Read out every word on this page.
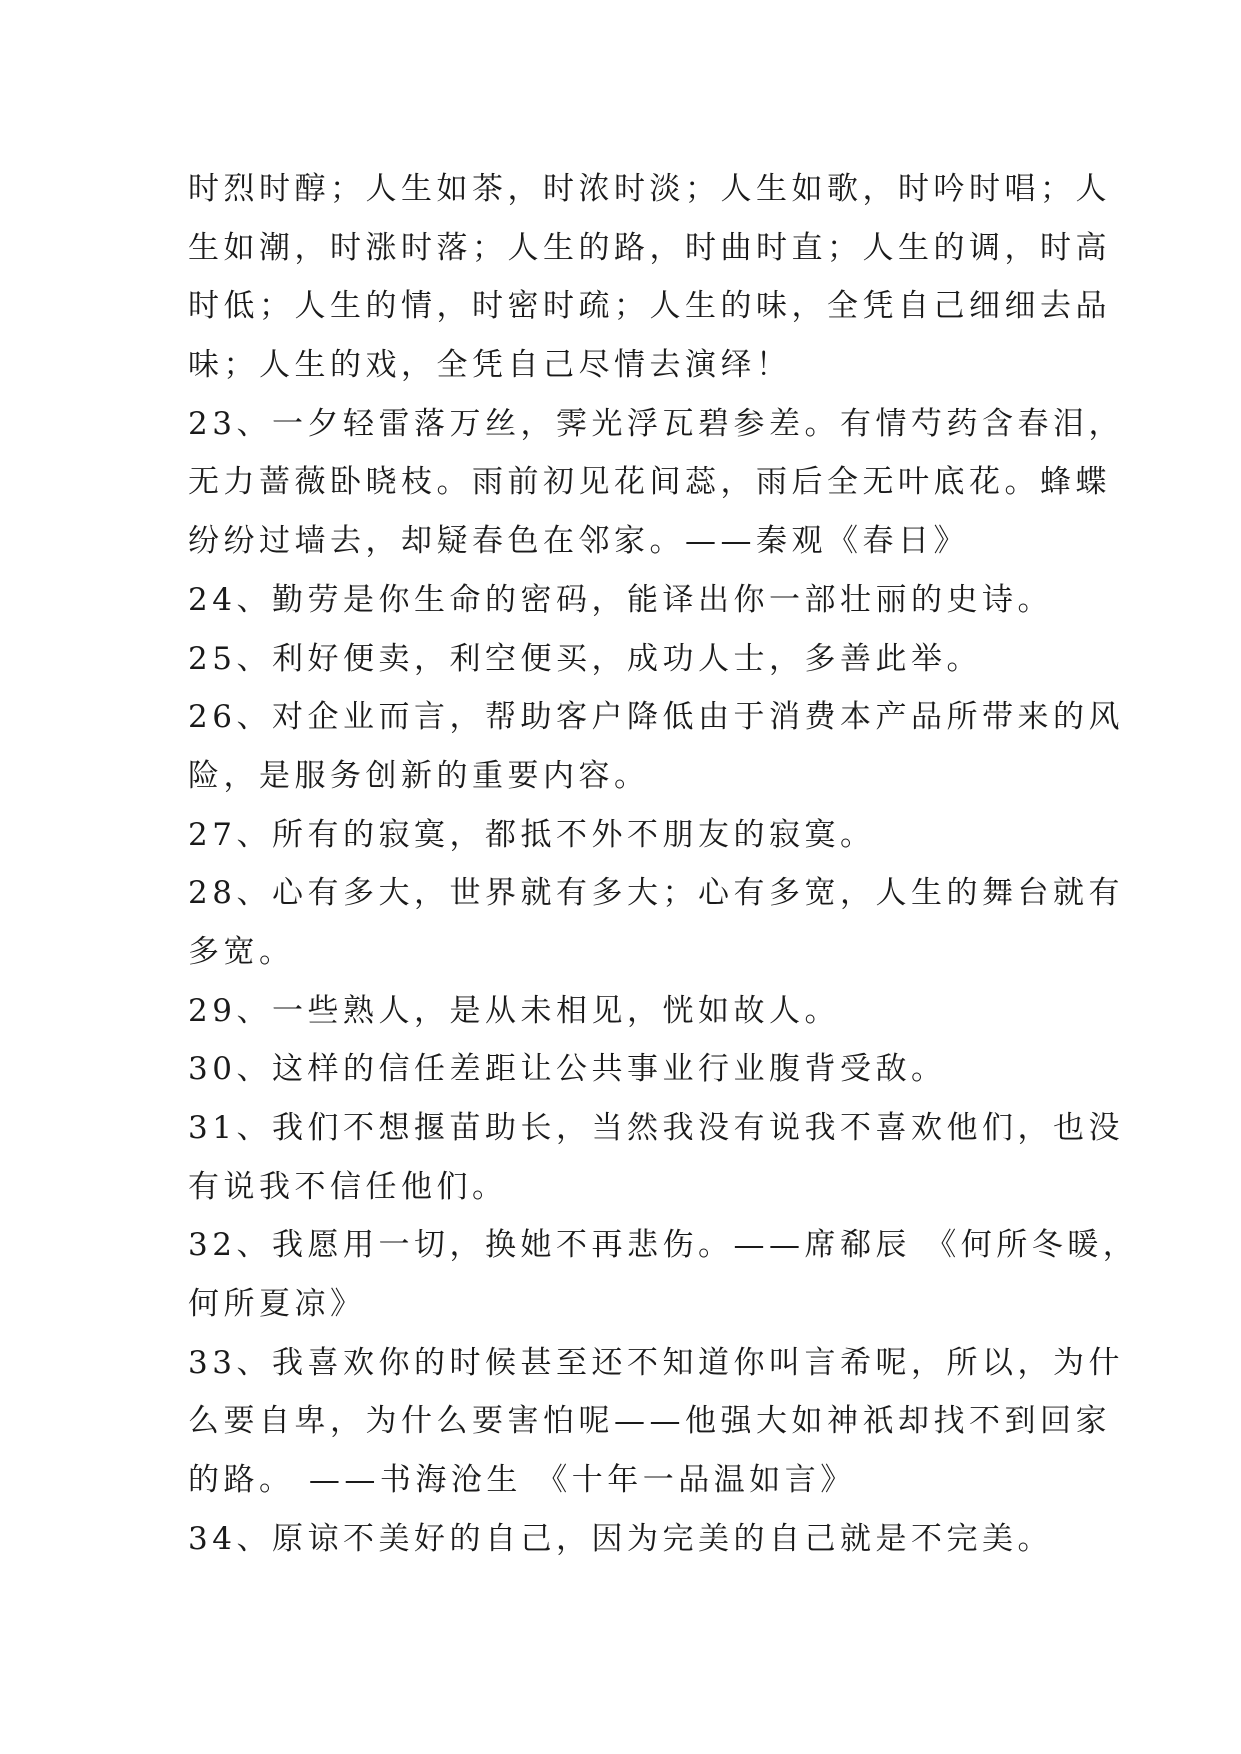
时烈时醇；人生如茶，时浓时淡；人生如歌，时吟时唱；人
生如潮，时涨时落；人生的路，时曲时直；人生的调，时高
时低；人生的情，时密时疏；人生的味，全凭自己细细去品
味；人生的戏，全凭自己尽情去演绎！
23、一夕轻雷落万丝，霁光浮瓦碧参差。有情芍药含春泪，
无力蔷薇卧晓枝。雨前初见花间蕊，雨后全无叶底花。蜂蝶
纷纷过墙去，却疑春色在邻家。——秦观《春日》
24、勤劳是你生命的密码，能译出你一部壮丽的史诗。
25、利好便卖，利空便买，成功人士，多善此举。
26、对企业而言，帮助客户降低由于消费本产品所带来的风
险，是服务创新的重要内容。
27、所有的寂寞，都抵不外不朋友的寂寞。
28、心有多大，世界就有多大；心有多宽，人生的舞台就有
多宽。
29、一些熟人，是从未相见，恍如故人。
30、这样的信任差距让公共事业行业腹背受敌。
31、我们不想揠苗助长，当然我没有说我不喜欢他们，也没
有说我不信任他们。
32、我愿用一切，换她不再悲伤。——席郗辰 《何所冬暖，
何所夏凉》
33、我喜欢你的时候甚至还不知道你叫言希呢，所以，为什
么要自卑，为什么要害怕呢——他强大如神祇却找不到回家
的路。 ——书海沧生 《十年一品温如言》
34、原谅不美好的自己，因为完美的自己就是不完美。
